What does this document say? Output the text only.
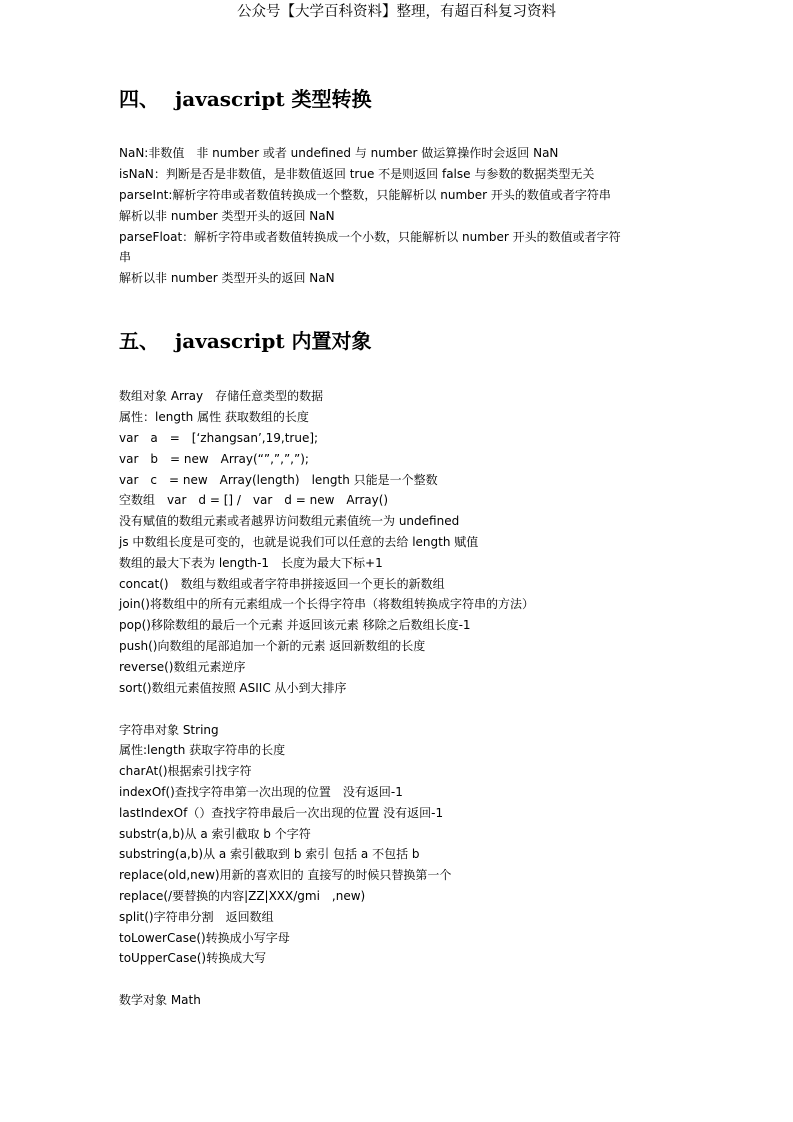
公众号【大学百科资料】整理，有超百科复习资料
四、 javascript 类型转换
NaN:非数值　非 number 或者 undefined 与 number 做运算操作时会返回 NaN
isNaN：判断是否是非数值，是非数值返回 true 不是则返回 false 与参数的数据类型无关
parseInt:解析字符串或者数值转换成一个整数，只能解析以 number 开头的数值或者字符串
解析以非 number 类型开头的返回 NaN
parseFloat：解析字符串或者数值转换成一个小数，只能解析以 number 开头的数值或者字符
串
解析以非 number 类型开头的返回 NaN
五、 javascript 内置对象
数组对象 Array　存储任意类型的数据
属性：length 属性 获取数组的长度
var　a　=　[‘zhangsan’,19,true];
var　b　= new　Array(“”,”,”,”);
var　c　= new　Array(length)　length 只能是一个整数
空数组　var　d = [] /　var　d = new　Array()
没有赋值的数组元素或者越界访问数组元素值统一为 undefined
js 中数组长度是可变的，也就是说我们可以任意的去给 length 赋值
数组的最大下表为 length-1　长度为最大下标+1
concat()　数组与数组或者字符串拼接返回一个更长的新数组
join()将数组中的所有元素组成一个长得字符串（将数组转换成字符串的方法）
pop()移除数组的最后一个元素 并返回该元素 移除之后数组长度-1
push()向数组的尾部追加一个新的元素 返回新数组的长度
reverse()数组元素逆序
sort()数组元素值按照 ASIIC 从小到大排序
字符串对象 String
属性:length 获取字符串的长度
charAt()根据索引找字符
indexOf()查找字符串第一次出现的位置　没有返回-1
lastIndexOf（）查找字符串最后一次出现的位置 没有返回-1
substr(a,b)从 a 索引截取 b 个字符
substring(a,b)从 a 索引截取到 b 索引 包括 a 不包括 b
replace(old,new)用新的喜欢旧的 直接写的时候只替换第一个
replace(/要替换的内容|ZZ|XXX/gmi　,new)
split()字符串分割　返回数组
toLowerCase()转换成小写字母
toUpperCase()转换成大写
数学对象 Math
